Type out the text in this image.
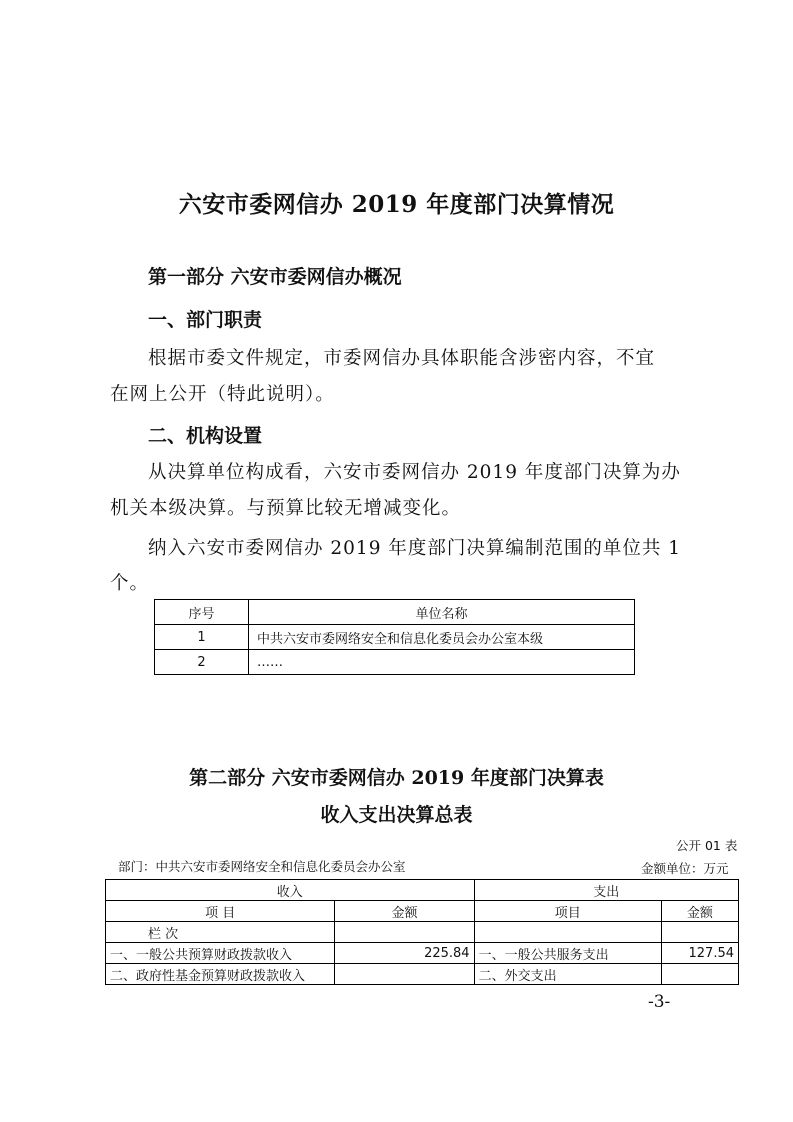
六安市委网信办 2019 年度部门决算情况
第一部分 六安市委网信办概况
一、部门职责
根据市委文件规定，市委网信办具体职能含涉密内容，不宜
在网上公开（特此说明）。
二、机构设置
从决算单位构成看，六安市委网信办 2019 年度部门决算为办
机关本级决算。与预算比较无增减变化。
纳入六安市委网信办 2019 年度部门决算编制范围的单位共 1
个。
序号	单位名称
1	中共六安市委网络安全和信息化委员会办公室本级
2	……
第二部分 六安市委网信办 2019 年度部门决算表
收入支出决算总表
公开 01 表
部门：中共六安市委网络安全和信息化委员会办公室	金额单位：万元
收入		支出	
项 目	金额	项目	金额
栏 次			
一、一般公共预算财政拨款收入	225.84	一、一般公共服务支出	127.54
二、政府性基金预算财政拨款收入		二、外交支出	
-3-
